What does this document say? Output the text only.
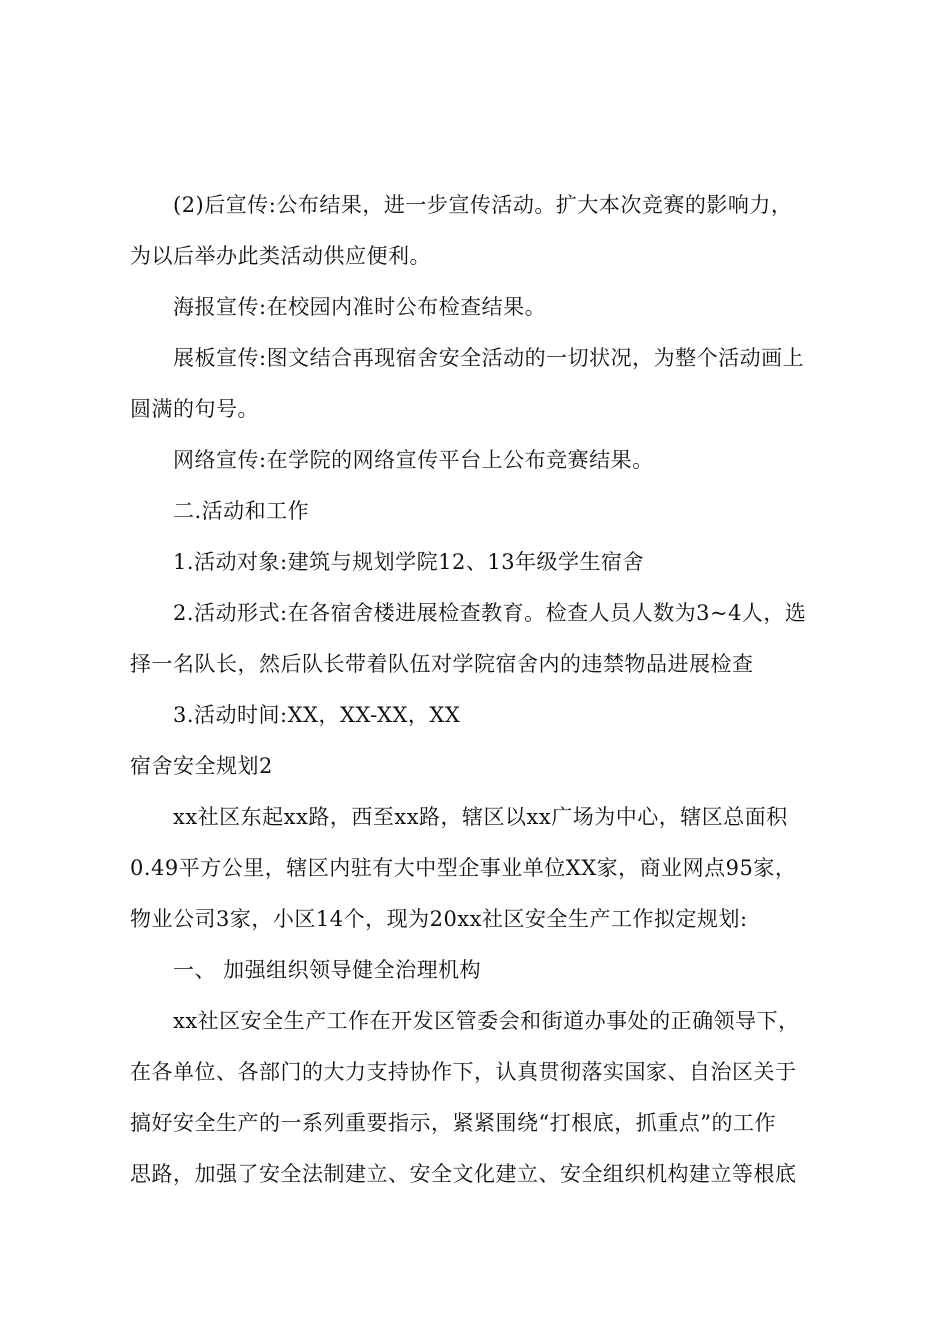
(2)后宣传:公布结果，进一步宣传活动。扩大本次竞赛的影响力，
为以后举办此类活动供应便利。
海报宣传:在校园内准时公布检查结果。
展板宣传:图文结合再现宿舍安全活动的一切状况，为整个活动画上
圆满的句号。
网络宣传:在学院的网络宣传平台上公布竞赛结果。
二.活动和工作
1.活动对象:建筑与规划学院12、13年级学生宿舍
2.活动形式:在各宿舍楼进展检查教育。检查人员人数为3~4人，选
择一名队长，然后队长带着队伍对学院宿舍内的违禁物品进展检查
3.活动时间:XX，XX-XX，XX
宿舍安全规划2
xx社区东起xx路，西至xx路，辖区以xx广场为中心，辖区总面积
0.49平方公里，辖区内驻有大中型企事业单位XX家，商业网点95家，
物业公司3家，小区14个，现为20xx社区安全生产工作拟定规划:
一、 加强组织领导健全治理机构
xx社区安全生产工作在开发区管委会和街道办事处的正确领导下，
在各单位、各部门的大力支持协作下，认真贯彻落实国家、自治区关于
搞好安全生产的一系列重要指示，紧紧围绕“打根底，抓重点”的工作
思路，加强了安全法制建立、安全文化建立、安全组织机构建立等根底
